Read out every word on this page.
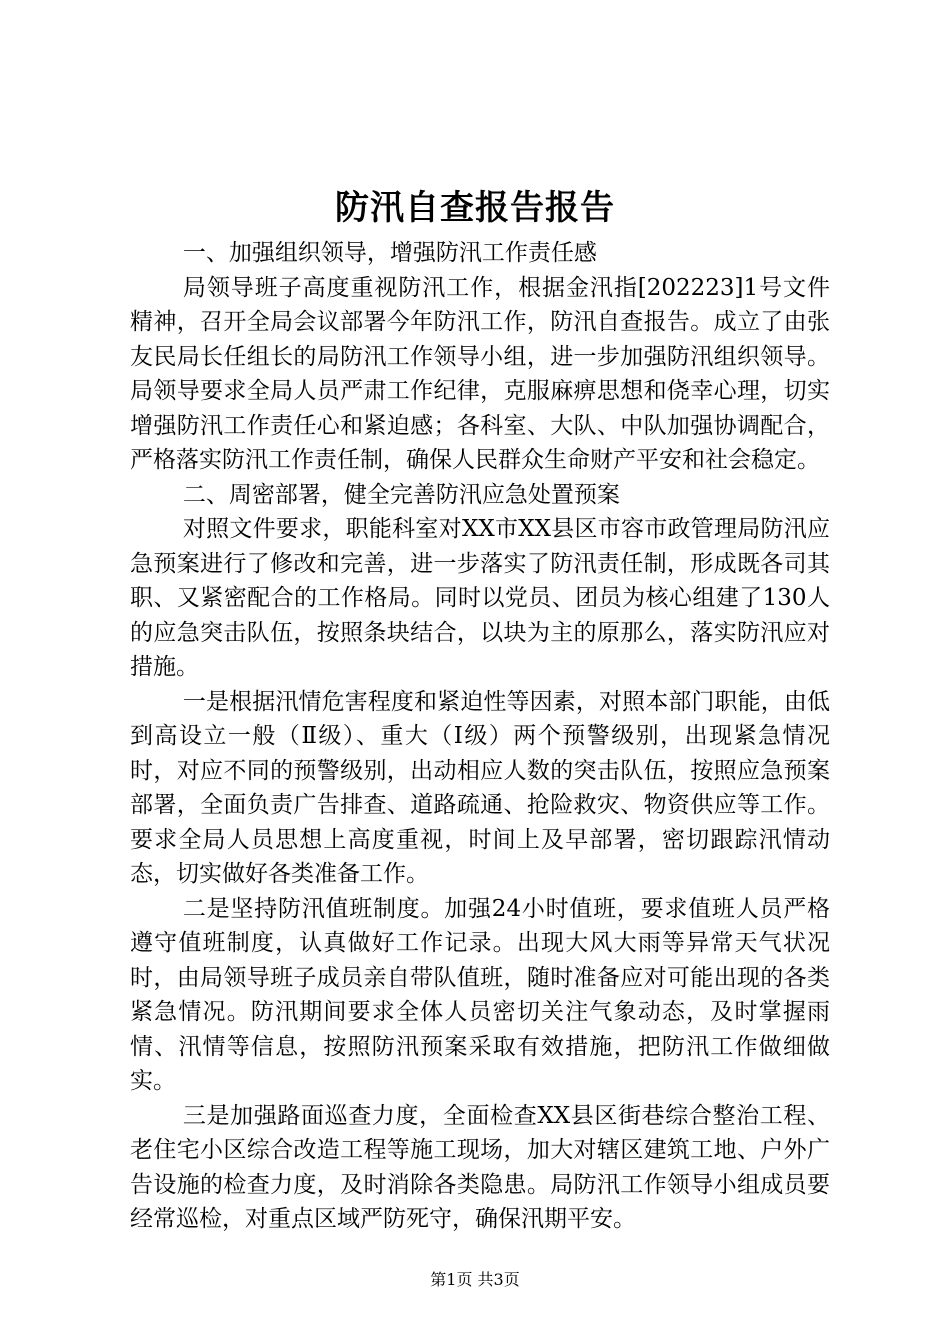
防汛自查报告报告

一、加强组织领导，增强防汛工作责任感

局领导班子高度重视防汛工作，根据金汛指[202223]1号文件精神，召开全局会议部署今年防汛工作，防汛自查报告。成立了由张友民局长任组长的局防汛工作领导小组，进一步加强防汛组织领导。局领导要求全局人员严肃工作纪律，克服麻痹思想和侥幸心理，切实增强防汛工作责任心和紧迫感；各科室、大队、中队加强协调配合，严格落实防汛工作责任制，确保人民群众生命财产平安和社会稳定。

二、周密部署，健全完善防汛应急处置预案

对照文件要求，职能科室对XX市XX县区市容市政管理局防汛应急预案进行了修改和完善，进一步落实了防汛责任制，形成既各司其职、又紧密配合的工作格局。同时以党员、团员为核心组建了130人的应急突击队伍，按照条块结合，以块为主的原那么，落实防汛应对措施。

一是根据汛情危害程度和紧迫性等因素，对照本部门职能，由低到高设立一般（Ⅱ级）、重大（Ⅰ级）两个预警级别，出现紧急情况时，对应不同的预警级别，出动相应人数的突击队伍，按照应急预案部署，全面负责广告排查、道路疏通、抢险救灾、物资供应等工作。要求全局人员思想上高度重视，时间上及早部署，密切跟踪汛情动态，切实做好各类准备工作。

二是坚持防汛值班制度。加强24小时值班，要求值班人员严格遵守值班制度，认真做好工作记录。出现大风大雨等异常天气状况时，由局领导班子成员亲自带队值班，随时准备应对可能出现的各类紧急情况。防汛期间要求全体人员密切关注气象动态，及时掌握雨情、汛情等信息，按照防汛预案采取有效措施，把防汛工作做细做实。

三是加强路面巡查力度，全面检查XX县区街巷综合整治工程、老住宅小区综合改造工程等施工现场，加大对辖区建筑工地、户外广告设施的检查力度，及时消除各类隐患。局防汛工作领导小组成员要经常巡检，对重点区域严防死守，确保汛期平安。

第1页 共3页
